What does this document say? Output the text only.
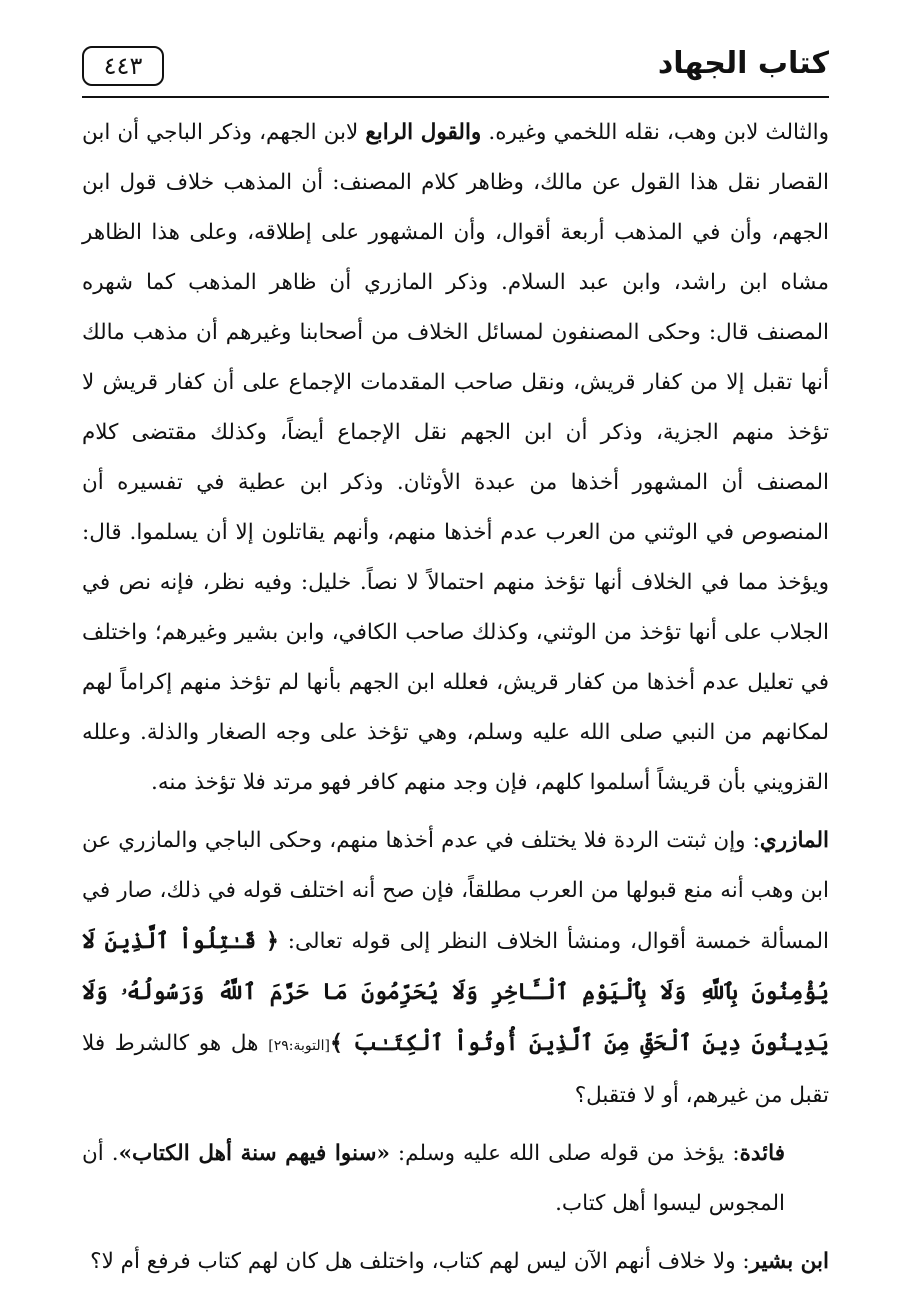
كتاب الجهاد
٤٤٣

والثالث لابن وهب، نقله اللخمي وغيره. والقول الرابع لابن الجهم، وذكر الباجي أن ابن القصار نقل هذا القول عن مالك، وظاهر كلام المصنف: أن المذهب خلاف قول ابن الجهم، وأن في المذهب أربعة أقوال، وأن المشهور على إطلاقه، وعلى هذا الظاهر مشاه ابن راشد، وابن عبد السلام. وذكر المازري أن ظاهر المذهب كما شهره المصنف قال: وحكى المصنفون لمسائل الخلاف من أصحابنا وغيرهم أن مذهب مالك أنها تقبل إلا من كفار قريش، ونقل صاحب المقدمات الإجماع على أن كفار قريش لا تؤخذ منهم الجزية، وذكر أن ابن الجهم نقل الإجماع أيضاً، وكذلك مقتضى كلام المصنف أن المشهور أخذها من عبدة الأوثان. وذكر ابن عطية في تفسيره أن المنصوص في الوثني من العرب عدم أخذها منهم، وأنهم يقاتلون إلا أن يسلموا. قال: ويؤخذ مما في الخلاف أنها تؤخذ منهم احتمالاً لا نصاً. خليل: وفيه نظر، فإنه نص في الجلاب على أنها تؤخذ من الوثني، وكذلك صاحب الكافي، وابن بشير وغيرهم؛ واختلف في تعليل عدم أخذها من كفار قريش، فعلله ابن الجهم بأنها لم تؤخذ منهم إكراماً لهم لمكانهم من النبي صلى الله عليه وسلم، وهي تؤخذ على وجه الصغار والذلة. وعلله القزويني بأن قريشاً أسلموا كلهم، فإن وجد منهم كافر فهو مرتد فلا تؤخذ منه.

المازري: وإن ثبتت الردة فلا يختلف في عدم أخذها منهم، وحكى الباجي والمازري عن ابن وهب أنه منع قبولها من العرب مطلقاً، فإن صح أنه اختلف قوله في ذلك، صار في المسألة خمسة أقوال، ومنشأ الخلاف النظر إلى قوله تعالى: ﴿ قَـٰتِلُواْ ٱلَّذِينَ لَا يُؤْمِنُونَ بِٱللَّهِ وَلَا بِٱلْيَوْمِ ٱلْـَٔاخِرِ وَلَا يُحَرِّمُونَ مَا حَرَّمَ ٱللَّهُ وَرَسُولُهُۥ وَلَا يَدِينُونَ دِينَ ٱلْحَقِّ مِنَ ٱلَّذِينَ أُوتُواْ ٱلْكِتَـٰبَ ﴾[التوبة:٢٩] هل هو كالشرط فلا تقبل من غيرهم، أو لا فتقبل؟

فائدة: يؤخذ من قوله صلى الله عليه وسلم: «سنوا فيهم سنة أهل الكتاب». أن المجوس ليسوا أهل كتاب.

ابن بشير: ولا خلاف أنهم الآن ليس لهم كتاب، واختلف هل كان لهم كتاب فرفع أم لا؟
